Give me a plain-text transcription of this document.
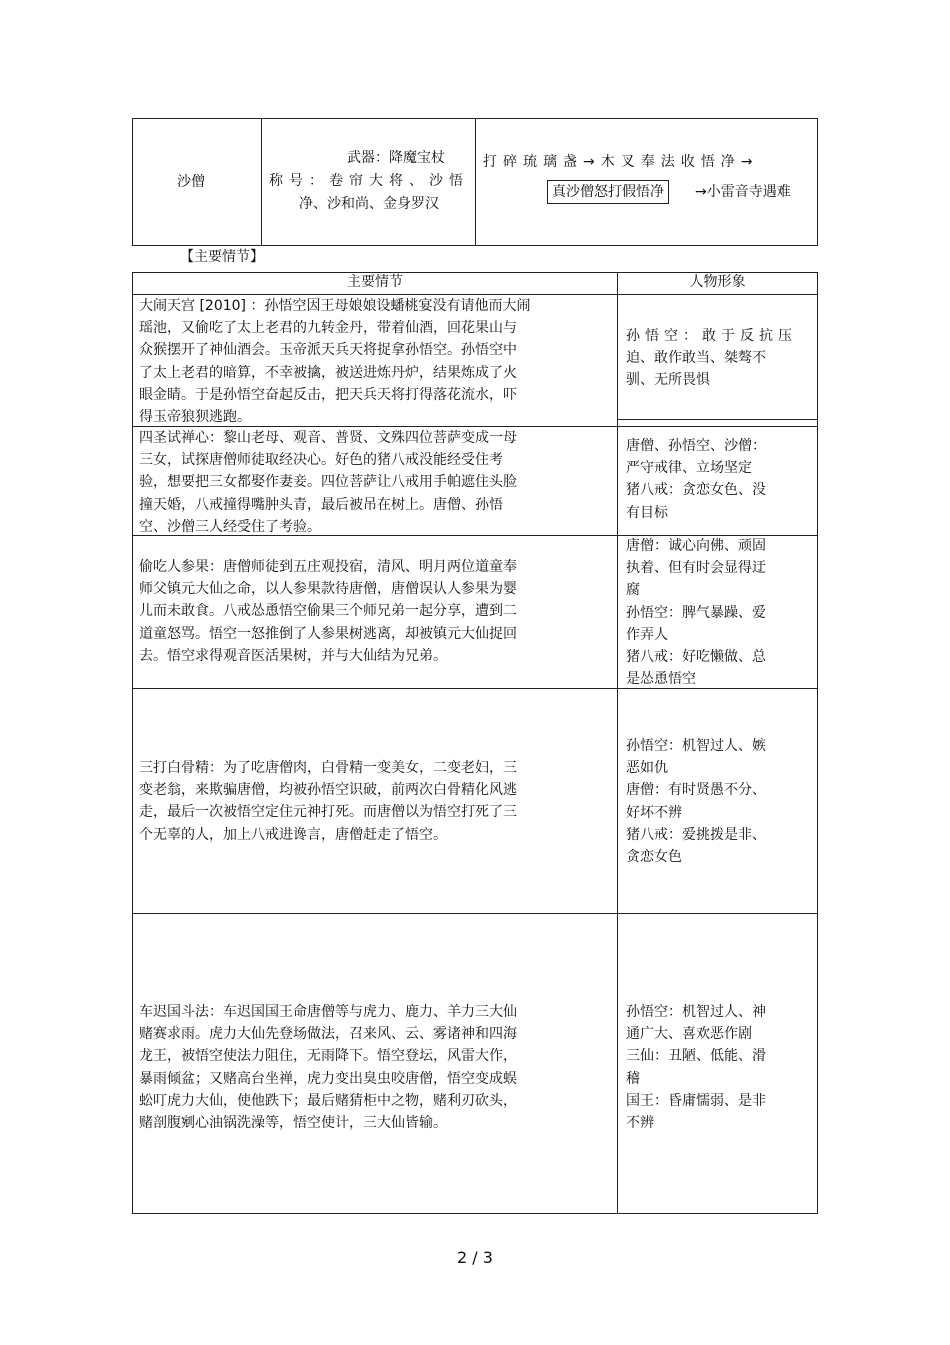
沙僧
武器：降魔宝杖
称号：卷帘大将、沙悟
净、沙和尚、金身罗汉
打碎琉璃盏→木叉奉法收悟净→
真沙僧怒打假悟净	→小雷音寺遇难
【主要情节】
主要情节	人物形象
大闹天宫 [2010] ：孙悟空因王母娘娘设蟠桃宴没有请他而大闹
瑶池，又偷吃了太上老君的九转金丹，带着仙酒，回花果山与
众猴摆开了神仙酒会。玉帝派天兵天将捉拿孙悟空。孙悟空中
了太上老君的暗算，不幸被擒，被送进炼丹炉，结果炼成了火
眼金睛。于是孙悟空奋起反击，把天兵天将打得落花流水，吓
得玉帝狼狈逃跑。
孙悟空：敢于反抗压
迫、敢作敢当、桀骜不
驯、无所畏惧
四圣试禅心：黎山老母、观音、普贤、文殊四位菩萨变成一母
三女，试探唐僧师徒取经决心。好色的猪八戒没能经受住考
验，想要把三女都娶作妻妾。四位菩萨让八戒用手帕遮住头脸
撞天婚，八戒撞得嘴肿头青，最后被吊在树上。唐僧、孙悟
空、沙僧三人经受住了考验。
唐僧、孙悟空、沙僧：
严守戒律、立场坚定
猪八戒：贪恋女色、没
有目标
偷吃人参果：唐僧师徒到五庄观投宿，清风、明月两位道童奉
师父镇元大仙之命，以人参果款待唐僧，唐僧误认人参果为婴
儿而未敢食。八戒怂恿悟空偷果三个师兄弟一起分享，遭到二
道童怒骂。悟空一怒推倒了人参果树逃离，却被镇元大仙捉回
去。悟空求得观音医活果树，并与大仙结为兄弟。
唐僧：诚心向佛、顽固
执着、但有时会显得迂
腐
孙悟空：脾气暴躁、爱
作弄人
猪八戒：好吃懒做、总
是怂恿悟空
三打白骨精：为了吃唐僧肉，白骨精一变美女，二变老妇，三
变老翁，来欺骗唐僧，均被孙悟空识破，前两次白骨精化风逃
走，最后一次被悟空定住元神打死。而唐僧以为悟空打死了三
个无辜的人，加上八戒进谗言，唐僧赶走了悟空。
孙悟空：机智过人、嫉
恶如仇
唐僧：有时贤愚不分、
好坏不辨
猪八戒：爱挑拨是非、
贪恋女色
车迟国斗法：车迟国国王命唐僧等与虎力、鹿力、羊力三大仙
赌赛求雨。虎力大仙先登场做法，召来风、云、雾诸神和四海
龙王，被悟空使法力阻住，无雨降下。悟空登坛，风雷大作，
暴雨倾盆；又赌高台坐禅，虎力变出臭虫咬唐僧，悟空变成蜈
蚣叮虎力大仙，使他跌下；最后赌猜柜中之物，赌利刃砍头，
赌剖腹剜心油锅洗澡等，悟空使计，三大仙皆输。
孙悟空：机智过人、神
通广大、喜欢恶作剧
三仙：丑陋、低能、滑
稽
国王：昏庸懦弱、是非
不辨
2 / 3
